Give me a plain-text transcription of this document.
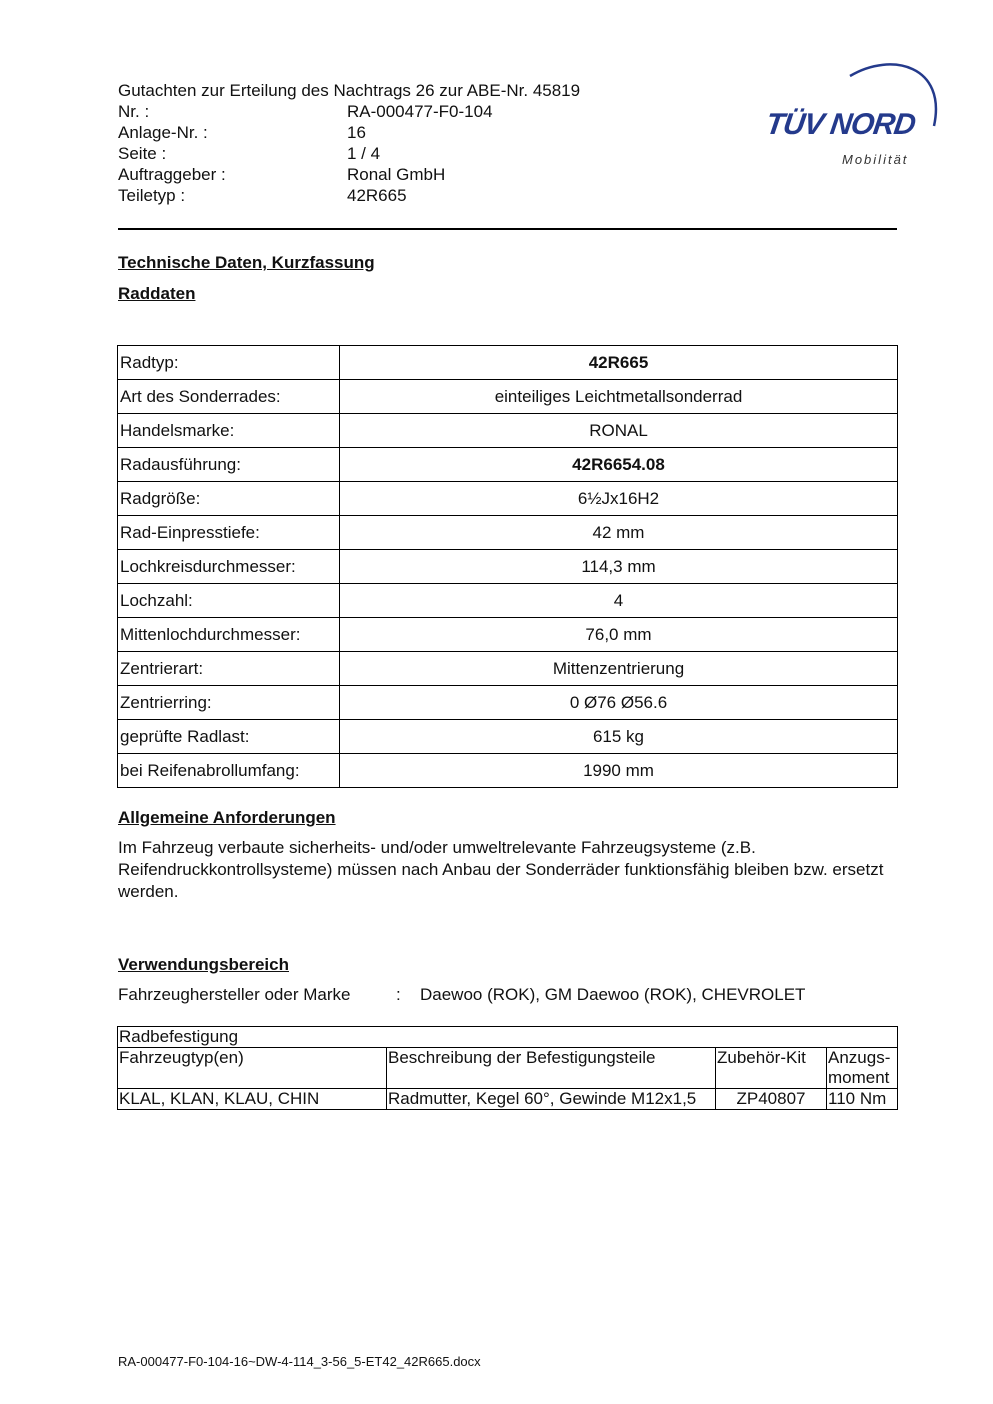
Gutachten zur Erteilung des Nachtrags 26 zur ABE-Nr. 45819
Nr. :	RA-000477-F0-104
Anlage-Nr. :	16
Seite :	1 / 4
Auftraggeber :	Ronal GmbH
Teiletyp :	42R665
TÜV NORD
Mobilität
Technische Daten, Kurzfassung
Raddaten
Radtyp:	42R665
Art des Sonderrades:	einteiliges Leichtmetallsonderrad
Handelsmarke:	RONAL
Radausführung:	42R6654.08
Radgröße:	6½Jx16H2
Rad-Einpresstiefe:	42 mm
Lochkreisdurchmesser:	114,3 mm
Lochzahl:	4
Mittenlochdurchmesser:	76,0 mm
Zentrierart:	Mittenzentrierung
Zentrierring:	0 Ø76 Ø56.6
geprüfte Radlast:	615 kg
bei Reifenabrollumfang:	1990 mm
Allgemeine Anforderungen
Im Fahrzeug verbaute sicherheits- und/oder umweltrelevante Fahrzeugsysteme (z.B. Reifendruckkontrollsysteme) müssen nach Anbau der Sonderräder funktionsfähig bleiben bzw. ersetzt werden.
Verwendungsbereich
Fahrzeughersteller oder Marke	:	Daewoo (ROK), GM Daewoo (ROK), CHEVROLET
Radbefestigung			
Fahrzeugtyp(en)	Beschreibung der Befestigungsteile	Zubehör-Kit	Anzugs-moment
KLAL, KLAN, KLAU, CHIN	Radmutter, Kegel 60°, Gewinde M12x1,5	ZP40807	110 Nm
RA-000477-F0-104-16~DW-4-114_3-56_5-ET42_42R665.docx
